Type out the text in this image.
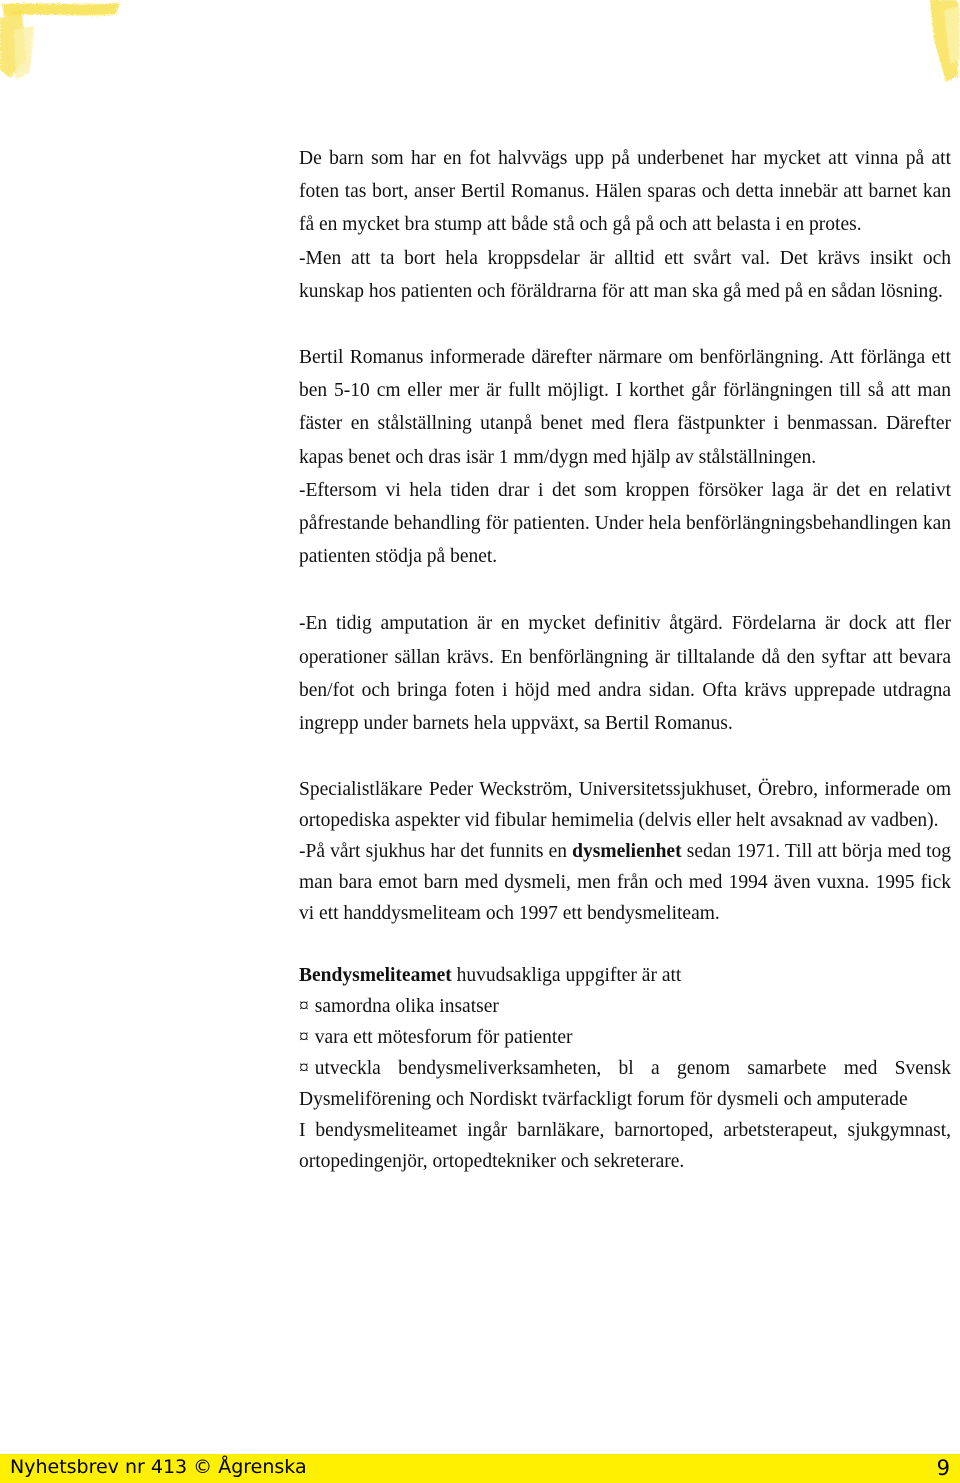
De barn som har en fot halvvägs upp på underbenet har mycket att vinna på att foten tas bort, anser Bertil Romanus. Hälen sparas och detta innebär att barnet kan få en mycket bra stump att både stå och gå på och att belasta i en protes.

-Men att ta bort hela kroppsdelar är alltid ett svårt val. Det krävs insikt och kunskap hos patienten och föräldrarna för att man ska gå med på en sådan lösning.

Bertil Romanus informerade därefter närmare om benförlängning. Att förlänga ett ben 5-10 cm eller mer är fullt möjligt. I korthet går förlängningen till så att man fäster en stålställning utanpå benet med flera fästpunkter i benmassan. Därefter kapas benet och dras isär 1 mm/dygn med hjälp av stålställningen.

-Eftersom vi hela tiden drar i det som kroppen försöker laga är det en relativt påfrestande behandling för patienten. Under hela benförlängningsbehandlingen kan patienten stödja på benet.

-En tidig amputation är en mycket definitiv åtgärd. Fördelarna är dock att fler operationer sällan krävs. En benförlängning är tilltalande då den syftar att bevara ben/fot och bringa foten i höjd med andra sidan. Ofta krävs upprepade utdragna ingrepp under barnets hela uppväxt, sa Bertil Romanus.

Specialistläkare Peder Weckström, Universitetssjukhuset, Örebro, informerade om ortopediska aspekter vid fibular hemimelia (delvis eller helt avsaknad av vadben).

-På vårt sjukhus har det funnits en dysmelienhet sedan 1971. Till att börja med tog man bara emot barn med dysmeli, men från och med 1994 även vuxna. 1995 fick vi ett handdysmeliteam och 1997 ett bendysmeliteam.

Bendysmeliteamet huvudsakliga uppgifter är att

¤ samordna olika insatser
¤ vara ett mötesforum för patienter
¤ utveckla bendysmeliverksamheten, bl a genom samarbete med Svensk Dysmeliförening och Nordiskt tvärfackligt forum för dysmeli och amputerade

I bendysmeliteamet ingår barnläkare, barnortoped, arbetsterapeut, sjukgymnast, ortopedingenjör, ortopedtekniker och sekreterare.

Nyhetsbrev nr 413 © Ågrenska	9
